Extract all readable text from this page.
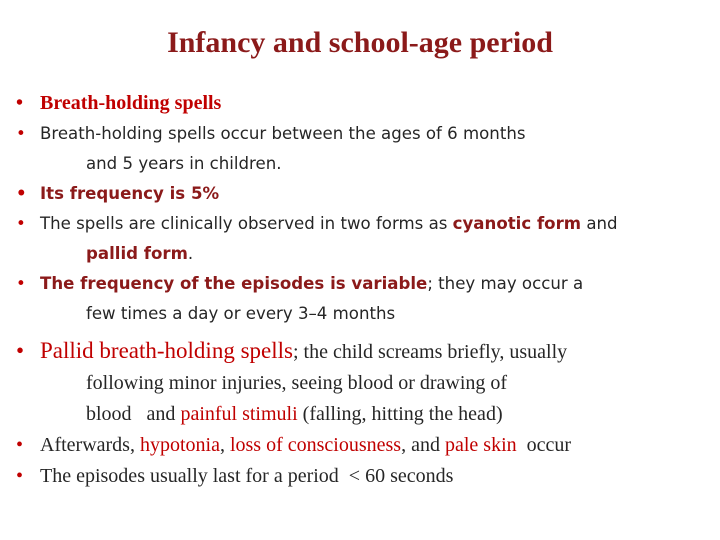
Infancy and school-age period
• Breath-holding spells
• Breath-holding spells occur between the ages of 6 months
and 5 years in children.
• Its frequency is 5%
• The spells are clinically observed in two forms as cyanotic form and
pallid form.
• The frequency of the episodes is variable; they may occur a
few times a day or every 3–4 months
• Pallid breath-holding spells; the child screams briefly, usually
following minor injuries, seeing blood or drawing of
blood   and painful stimuli (falling, hitting the head)
• Afterwards, hypotonia, loss of consciousness, and pale skin  occur
• The episodes usually last for a period  < 60 seconds
